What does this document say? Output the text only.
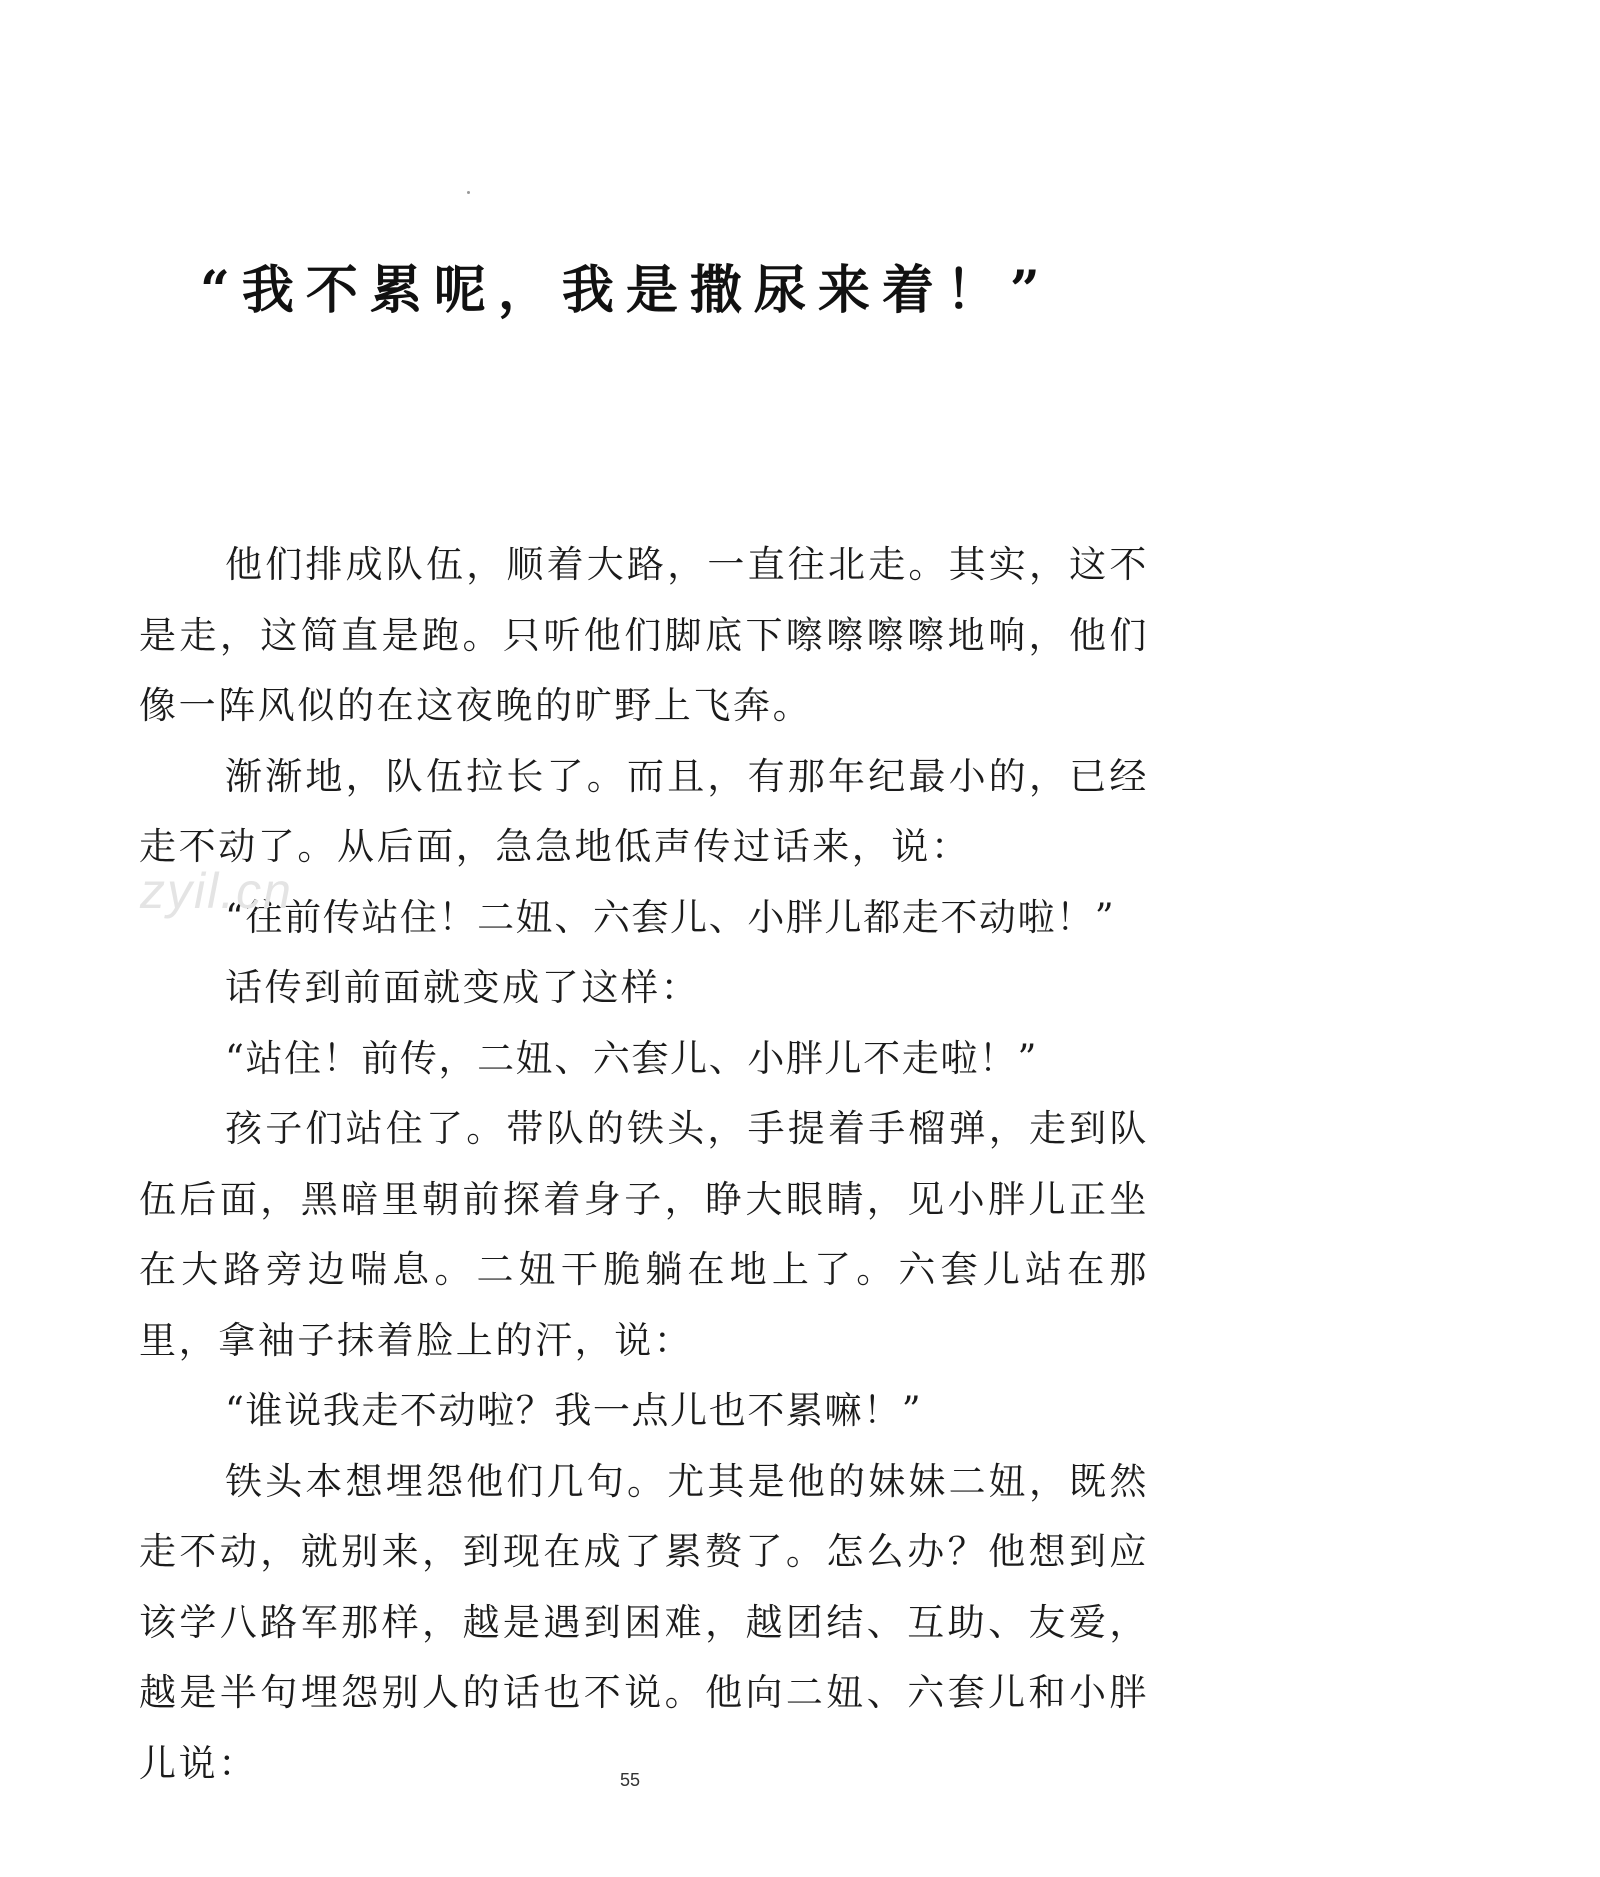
“我不累呢，我是撒尿来着！”

他们排成队伍，顺着大路，一直往北走。其实，这不是走，这简直是跑。只听他们脚底下嚓嚓嚓嚓地响，他们像一阵风似的在这夜晚的旷野上飞奔。

渐渐地，队伍拉长了。而且，有那年纪最小的，已经走不动了。从后面，急急地低声传过话来，说：

“往前传站住！二妞、六套儿、小胖儿都走不动啦！”

话传到前面就变成了这样：

“站住！前传，二妞、六套儿、小胖儿不走啦！”

孩子们站住了。带队的铁头，手提着手榴弹，走到队伍后面，黑暗里朝前探着身子，睁大眼睛，见小胖儿正坐在大路旁边喘息。二妞干脆躺在地上了。六套儿站在那里，拿袖子抹着脸上的汗，说：

“谁说我走不动啦？我一点儿也不累嘛！”

铁头本想埋怨他们几句。尤其是他的妹妹二妞，既然走不动，就别来，到现在成了累赘了。怎么办？他想到应该学八路军那样，越是遇到困难，越团结、互助、友爱，越是半句埋怨别人的话也不说。他向二妞、六套儿和小胖儿说：

zyil.cn
55
